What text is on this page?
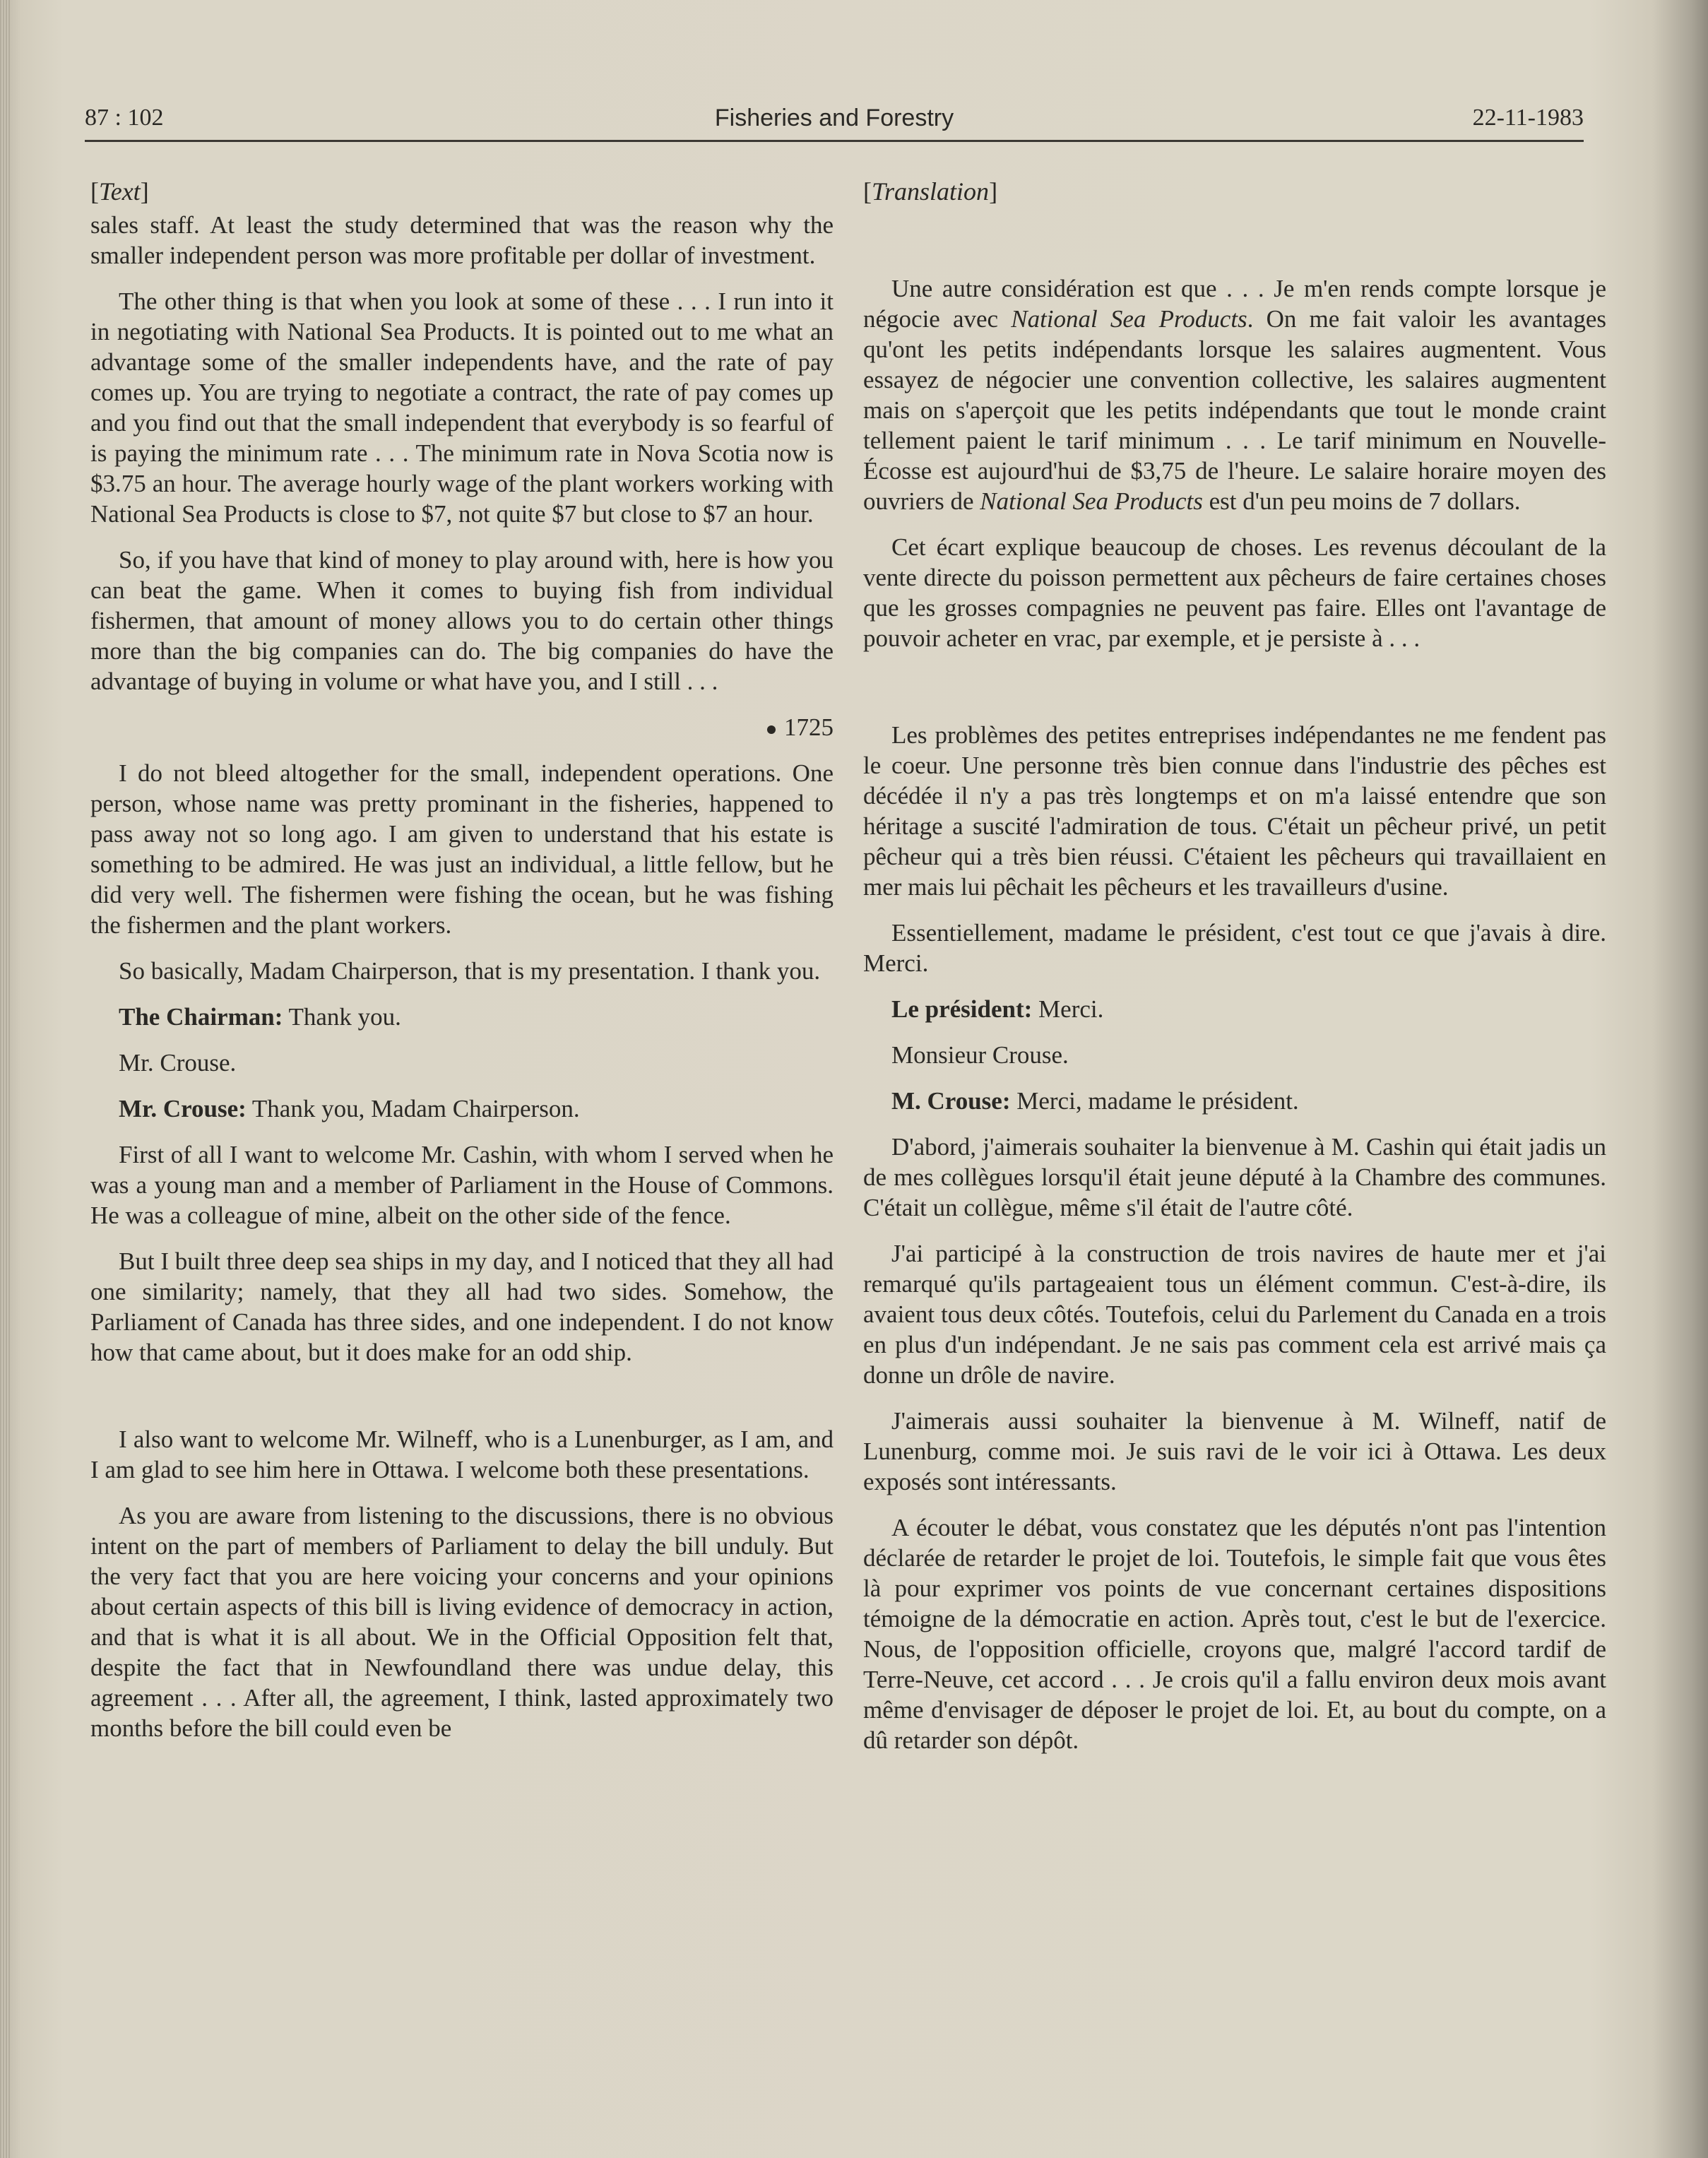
87 : 102	Fisheries and Forestry	22-11-1983

[Text]

sales staff. At least the study determined that was the reason why the smaller independent person was more profitable per dollar of investment.

The other thing is that when you look at some of these . . . I run into it in negotiating with National Sea Products. It is pointed out to me what an advantage some of the smaller independents have, and the rate of pay comes up. You are trying to negotiate a contract, the rate of pay comes up and you find out that the small independent that everybody is so fearful of is paying the minimum rate . . . The minimum rate in Nova Scotia now is $3.75 an hour. The average hourly wage of the plant workers working with National Sea Products is close to $7, not quite $7 but close to $7 an hour.

So, if you have that kind of money to play around with, here is how you can beat the game. When it comes to buying fish from individual fishermen, that amount of money allows you to do certain other things more than the big companies can do. The big companies do have the advantage of buying in volume or what have you, and I still . . .

1725

I do not bleed altogether for the small, independent operations. One person, whose name was pretty prominant in the fisheries, happened to pass away not so long ago. I am given to understand that his estate is something to be admired. He was just an individual, a little fellow, but he did very well. The fishermen were fishing the ocean, but he was fishing the fishermen and the plant workers.

So basically, Madam Chairperson, that is my presentation. I thank you.

The Chairman: Thank you.

Mr. Crouse.

Mr. Crouse: Thank you, Madam Chairperson.

First of all I want to welcome Mr. Cashin, with whom I served when he was a young man and a member of Parliament in the House of Commons. He was a colleague of mine, albeit on the other side of the fence.

But I built three deep sea ships in my day, and I noticed that they all had one similarity; namely, that they all had two sides. Somehow, the Parliament of Canada has three sides, and one independent. I do not know how that came about, but it does make for an odd ship.

I also want to welcome Mr. Wilneff, who is a Lunenburger, as I am, and I am glad to see him here in Ottawa. I welcome both these presentations.

As you are aware from listening to the discussions, there is no obvious intent on the part of members of Parliament to delay the bill unduly. But the very fact that you are here voicing your concerns and your opinions about certain aspects of this bill is living evidence of democracy in action, and that is what it is all about. We in the Official Opposition felt that, despite the fact that in Newfoundland there was undue delay, this agreement . . . After all, the agreement, I think, lasted approximately two months before the bill could even be

[Translation]

Une autre considération est que . . . Je m'en rends compte lorsque je négocie avec National Sea Products. On me fait valoir les avantages qu'ont les petits indépendants lorsque les salaires augmentent. Vous essayez de négocier une convention collective, les salaires augmentent mais on s'aperçoit que les petits indépendants que tout le monde craint tellement paient le tarif minimum . . . Le tarif minimum en Nouvelle-Écosse est aujourd'hui de $3,75 de l'heure. Le salaire horaire moyen des ouvriers de National Sea Products est d'un peu moins de 7 dollars.

Cet écart explique beaucoup de choses. Les revenus découlant de la vente directe du poisson permettent aux pêcheurs de faire certaines choses que les grosses compagnies ne peuvent pas faire. Elles ont l'avantage de pouvoir acheter en vrac, par exemple, et je persiste à . . .

Les problèmes des petites entreprises indépendantes ne me fendent pas le coeur. Une personne très bien connue dans l'industrie des pêches est décédée il n'y a pas très longtemps et on m'a laissé entendre que son héritage a suscité l'admiration de tous. C'était un pêcheur privé, un petit pêcheur qui a très bien réussi. C'étaient les pêcheurs qui travaillaient en mer mais lui pêchait les pêcheurs et les travailleurs d'usine.

Essentiellement, madame le président, c'est tout ce que j'avais à dire. Merci.

Le président: Merci.

Monsieur Crouse.

M. Crouse: Merci, madame le président.

D'abord, j'aimerais souhaiter la bienvenue à M. Cashin qui était jadis un de mes collègues lorsqu'il était jeune député à la Chambre des communes. C'était un collègue, même s'il était de l'autre côté.

J'ai participé à la construction de trois navires de haute mer et j'ai remarqué qu'ils partageaient tous un élément commun. C'est-à-dire, ils avaient tous deux côtés. Toutefois, celui du Parlement du Canada en a trois en plus d'un indépendant. Je ne sais pas comment cela est arrivé mais ça donne un drôle de navire.

J'aimerais aussi souhaiter la bienvenue à M. Wilneff, natif de Lunenburg, comme moi. Je suis ravi de le voir ici à Ottawa. Les deux exposés sont intéressants.

A écouter le débat, vous constatez que les députés n'ont pas l'intention déclarée de retarder le projet de loi. Toutefois, le simple fait que vous êtes là pour exprimer vos points de vue concernant certaines dispositions témoigne de la démocratie en action. Après tout, c'est le but de l'exercice. Nous, de l'opposition officielle, croyons que, malgré l'accord tardif de Terre-Neuve, cet accord . . . Je crois qu'il a fallu environ deux mois avant même d'envisager de déposer le projet de loi. Et, au bout du compte, on a dû retarder son dépôt.
